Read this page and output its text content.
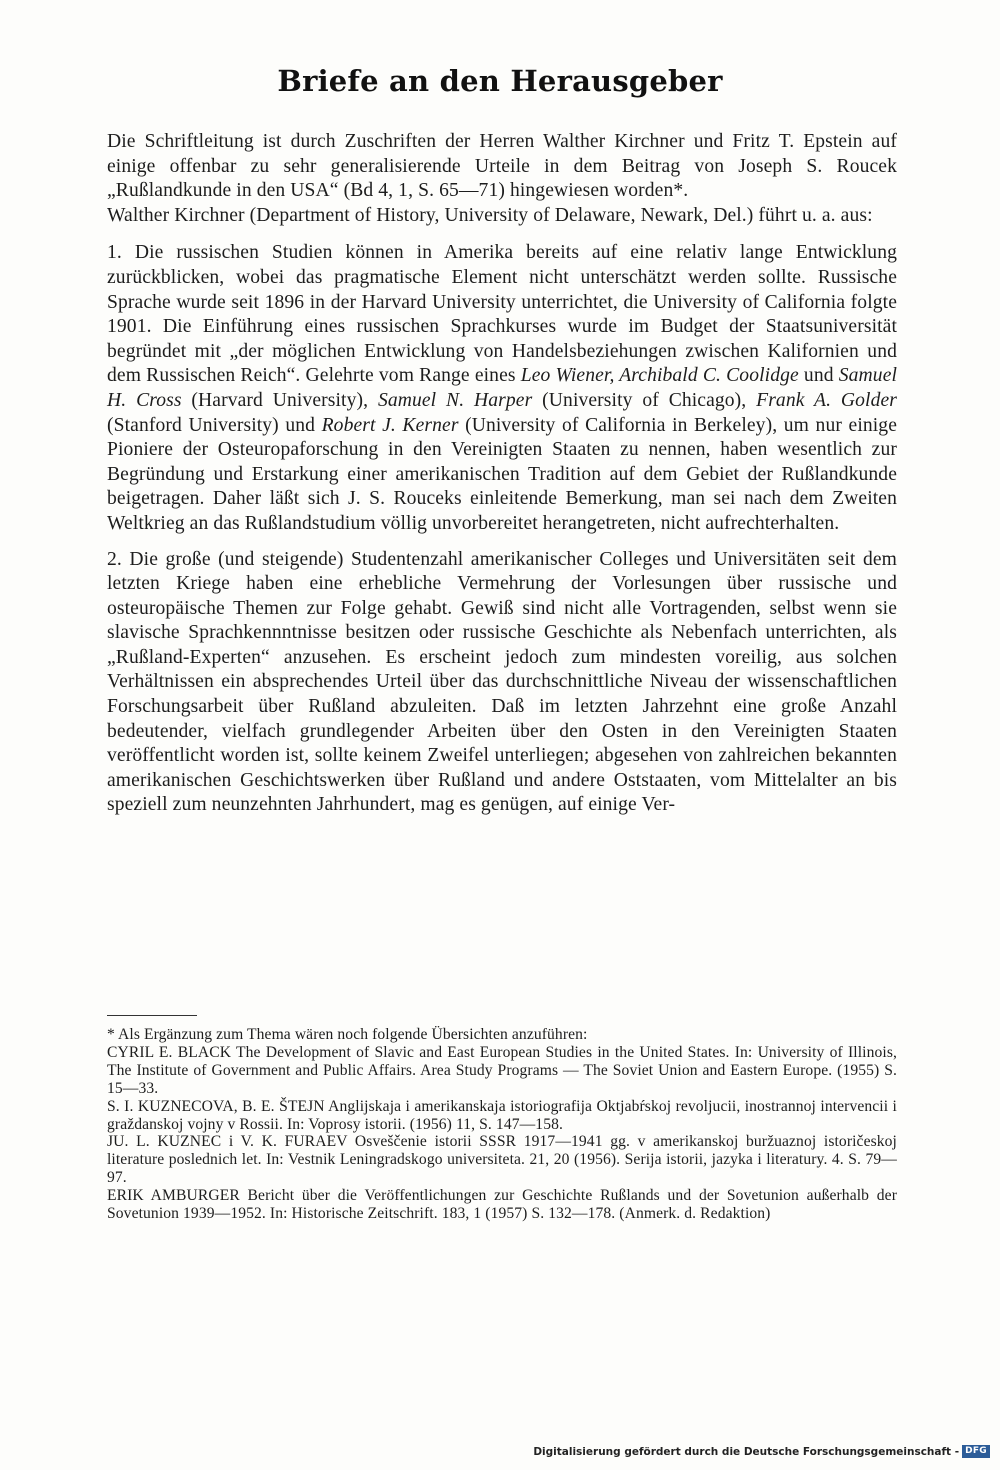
Briefe an den Herausgeber

Die Schriftleitung ist durch Zuschriften der Herren Walther Kirchner und Fritz T. Epstein auf einige offenbar zu sehr generalisierende Urteile in dem Beitrag von Joseph S. Roucek „Rußlandkunde in den USA“ (Bd 4, 1, S. 65—71) hingewiesen worden*.

Walther Kirchner (Department of History, University of Delaware, Newark, Del.) führt u. a. aus:

1. Die russischen Studien können in Amerika bereits auf eine relativ lange Entwicklung zurückblicken, wobei das pragmatische Element nicht unterschätzt werden sollte. Russische Sprache wurde seit 1896 in der Harvard University unterrichtet, die University of California folgte 1901. Die Einführung eines russischen Sprachkurses wurde im Budget der Staatsuniversität begründet mit „der möglichen Entwicklung von Handelsbeziehungen zwischen Kalifornien und dem Russischen Reich“. Gelehrte vom Range eines Leo Wiener, Archibald C. Coolidge und Samuel H. Cross (Harvard University), Samuel N. Harper (University of Chicago), Frank A. Golder (Stanford University) und Robert J. Kerner (University of California in Berkeley), um nur einige Pioniere der Osteuropaforschung in den Vereinigten Staaten zu nennen, haben wesentlich zur Begründung und Erstarkung einer amerikanischen Tradition auf dem Gebiet der Rußlandkunde beigetragen. Daher läßt sich J. S. Rouceks einleitende Bemerkung, man sei nach dem Zweiten Weltkrieg an das Rußlandstudium völlig unvorbereitet herangetreten, nicht aufrechterhalten.

2. Die große (und steigende) Studentenzahl amerikanischer Colleges und Universitäten seit dem letzten Kriege haben eine erhebliche Vermehrung der Vorlesungen über russische und osteuropäische Themen zur Folge gehabt. Gewiß sind nicht alle Vortragenden, selbst wenn sie slavische Sprachkennntnisse besitzen oder russische Geschichte als Nebenfach unterrichten, als „Rußland-Experten“ anzusehen. Es erscheint jedoch zum mindesten voreilig, aus solchen Verhältnissen ein absprechendes Urteil über das durchschnittliche Niveau der wissenschaftlichen Forschungsarbeit über Rußland abzuleiten. Daß im letzten Jahrzehnt eine große Anzahl bedeutender, vielfach grundlegender Arbeiten über den Osten in den Vereinigten Staaten veröffentlicht worden ist, sollte keinem Zweifel unterliegen; abgesehen von zahlreichen bekannten amerikanischen Geschichtswerken über Rußland und andere Oststaaten, vom Mittelalter an bis speziell zum neunzehnten Jahrhundert, mag es genügen, auf einige Ver-

* Als Ergänzung zum Thema wären noch folgende Übersichten anzuführen:

CYRIL E. BLACK The Development of Slavic and East European Studies in the United States. In: University of Illinois, The Institute of Government and Public Affairs. Area Study Programs — The Soviet Union and Eastern Europe. (1955) S. 15—33.

S. I. KUZNECOVA, B. E. ŠTEJN Anglijskaja i amerikanskaja istoriografija Oktjabŕskoj revoljucii, inostrannoj intervencii i graždanskoj vojny v Rossii. In: Voprosy istorii. (1956) 11, S. 147—158.

JU. L. KUZNEC i V. K. FURAEV Osveščenie istorii SSSR 1917—1941 gg. v amerikanskoj buržuaznoj istoričeskoj literature poslednich let. In: Vestnik Leningradskogo universiteta. 21, 20 (1956). Serija istorii, jazyka i literatury. 4. S. 79—97.

ERIK AMBURGER Bericht über die Veröffentlichungen zur Geschichte Rußlands und der Sovetunion außerhalb der Sovetunion 1939—1952. In: Historische Zeitschrift. 183, 1 (1957) S. 132—178. (Anmerk. d. Redaktion)

Digitalisierung gefördert durch die Deutsche Forschungsgemeinschaft - DFG
